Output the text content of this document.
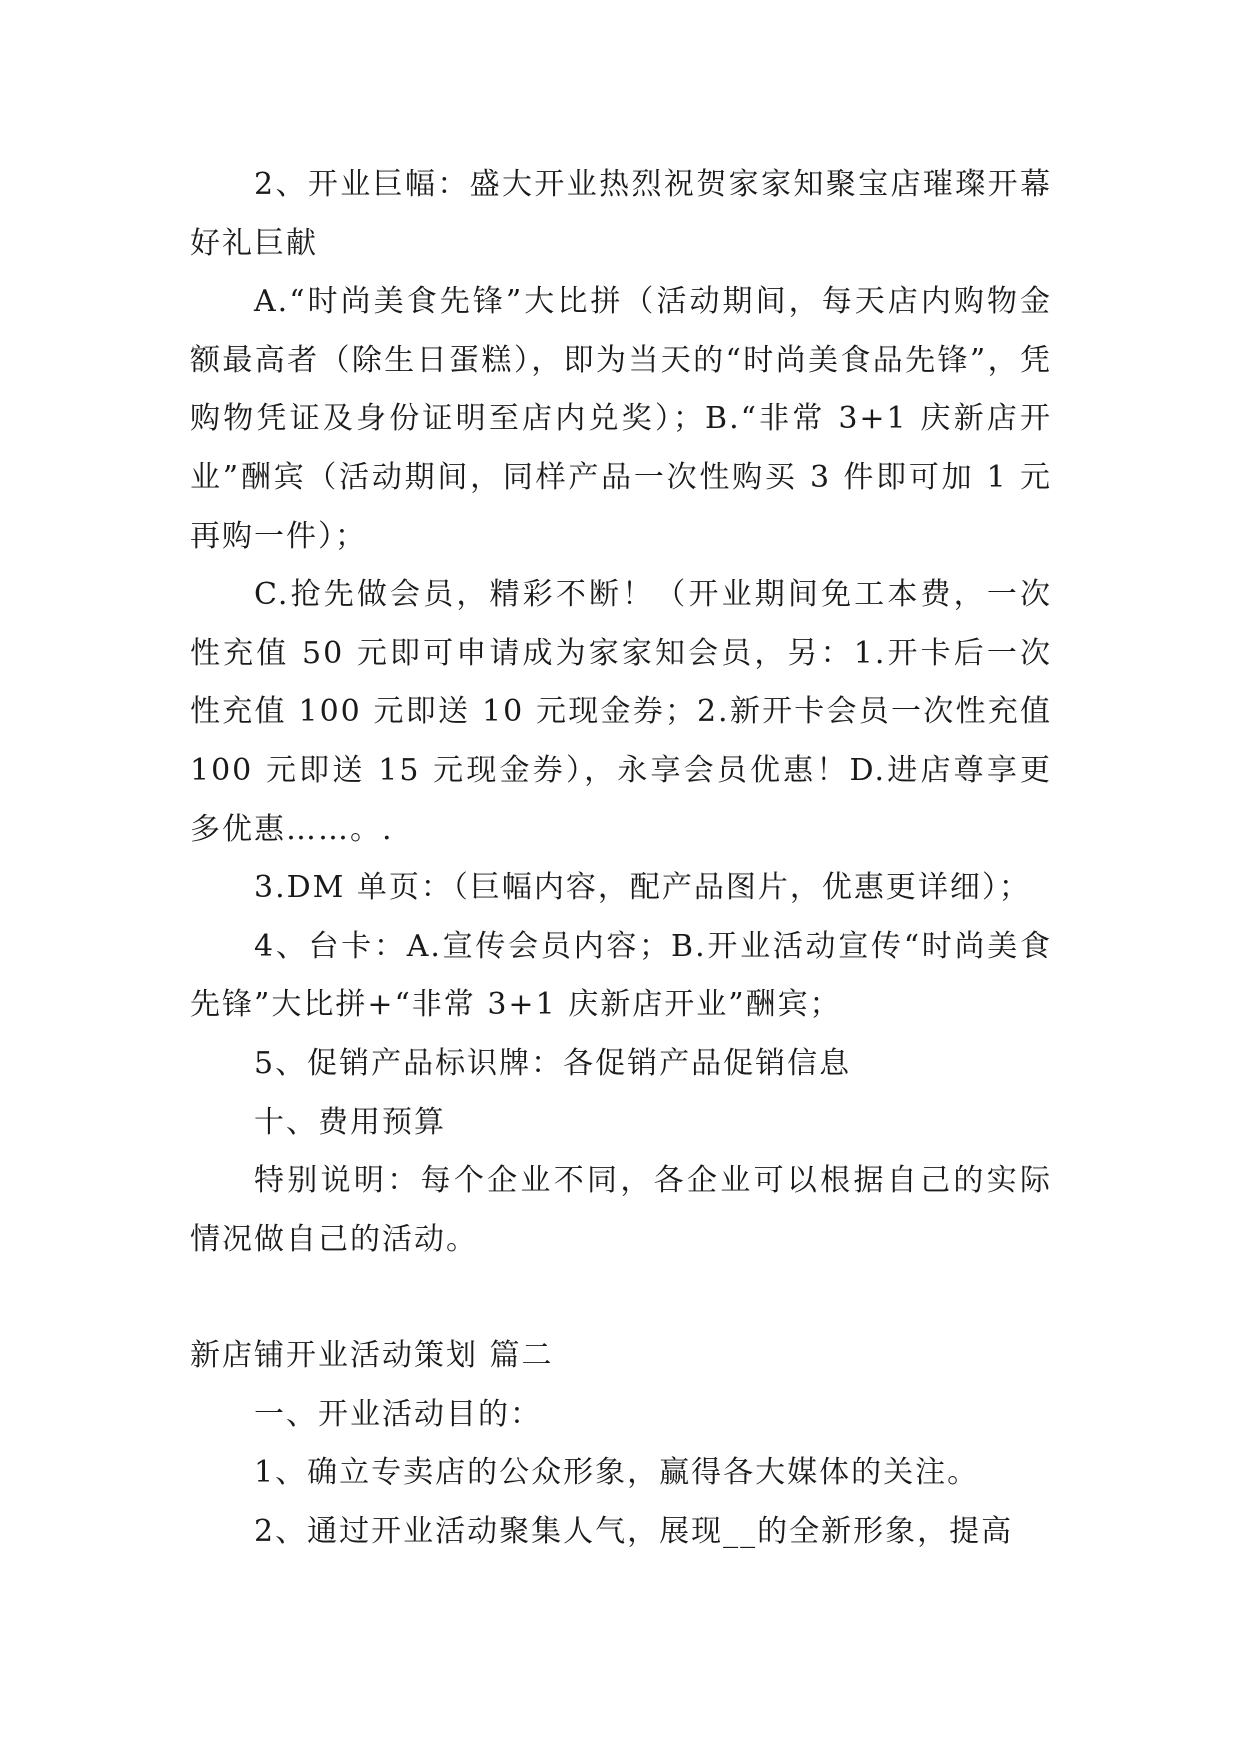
2、开业巨幅：盛大开业热烈祝贺家家知聚宝店璀璨开幕好礼巨献

A.“时尚美食先锋”大比拼（活动期间，每天店内购物金额最高者（除生日蛋糕），即为当天的“时尚美食品先锋”，凭购物凭证及身份证明至店内兑奖）；B.“非常 3+1 庆新店开业”酬宾（活动期间，同样产品一次性购买 3 件即可加 1 元再购一件）；

C.抢先做会员，精彩不断！（开业期间免工本费，一次性充值 50 元即可申请成为家家知会员，另：1.开卡后一次性充值 100 元即送 10 元现金券；2.新开卡会员一次性充值 100 元即送 15 元现金券），永享会员优惠！D.进店尊享更多优惠……。.

3.DM 单页：（巨幅内容，配产品图片，优惠更详细）；

4、台卡：A.宣传会员内容；B.开业活动宣传“时尚美食先锋”大比拼+“非常 3+1 庆新店开业”酬宾；

5、促销产品标识牌：各促销产品促销信息

十、费用预算

特别说明：每个企业不同，各企业可以根据自己的实际情况做自己的活动。

新店铺开业活动策划 篇二

一、开业活动目的：

1、确立专卖店的公众形象，赢得各大媒体的关注。

2、通过开业活动聚集人气，展现__的全新形象，提高
